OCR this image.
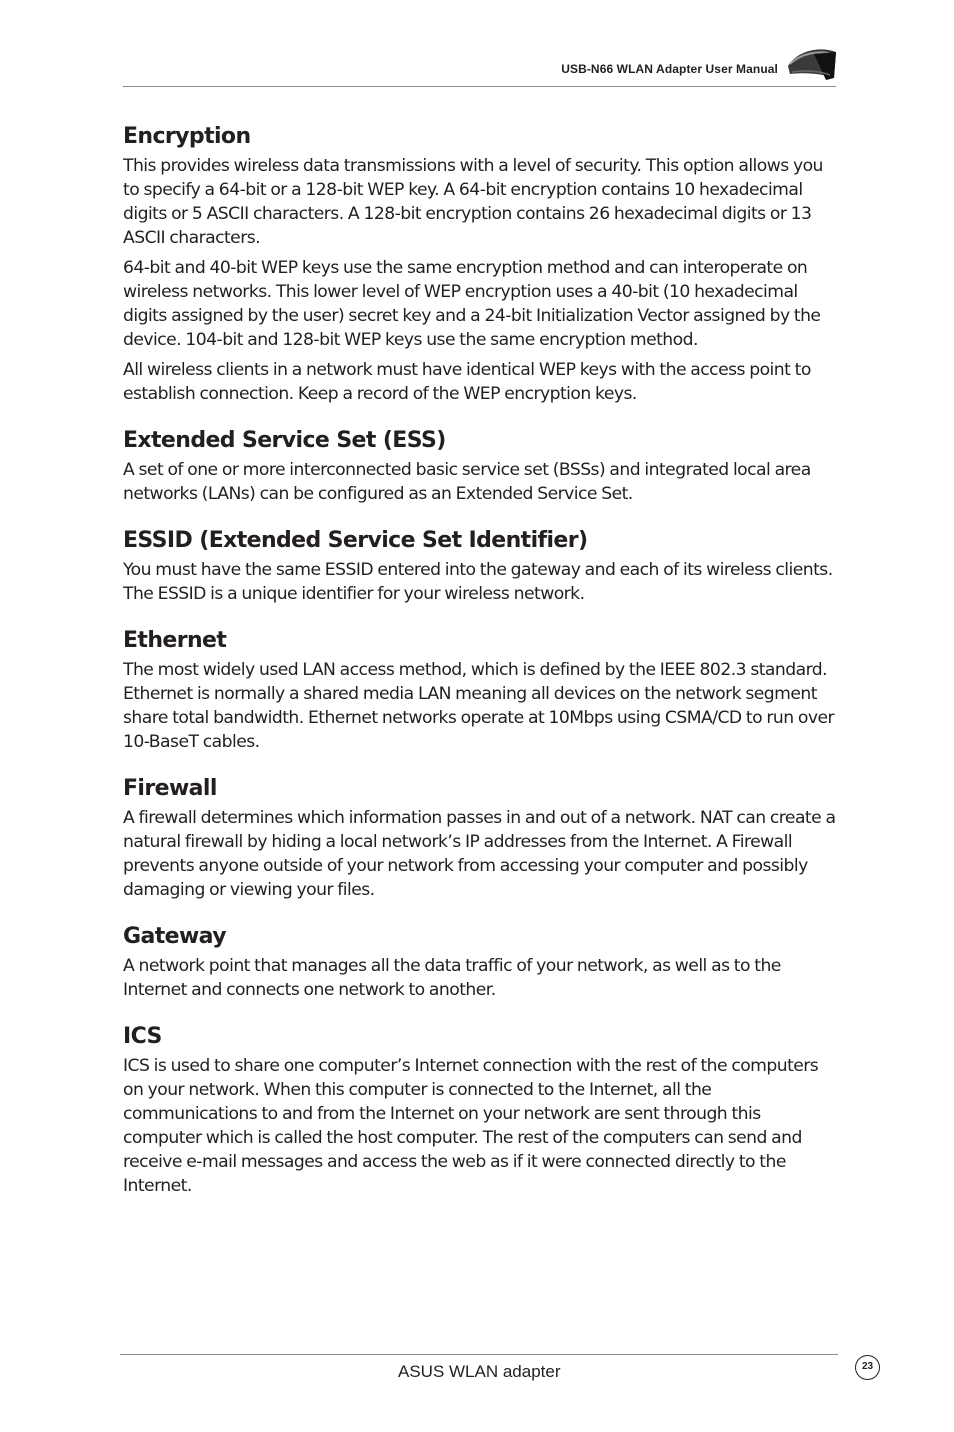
USB-N66 WLAN Adapter User Manual
Encryption

This provides wireless data transmissions with a level of security. This option allows you to specify a 64-bit or a 128-bit WEP key. A 64-bit encryption contains 10 hexadecimal digits or 5 ASCII characters. A 128-bit encryption contains 26 hexadecimal digits or 13 ASCII characters.

64-bit and 40-bit WEP keys use the same encryption method and can interoperate on wireless networks. This lower level of WEP encryption uses a 40-bit (10 hexadecimal digits assigned by the user) secret key and a 24-bit Initialization Vector assigned by the device. 104-bit and 128-bit WEP keys use the same encryption method.

All wireless clients in a network must have identical WEP keys with the access point to establish connection. Keep a record of the WEP encryption keys.

Extended Service Set (ESS)

A set of one or more interconnected basic service set (BSSs) and integrated local area networks (LANs) can be configured as an Extended Service Set.

ESSID (Extended Service Set Identifier)

You must have the same ESSID entered into the gateway and each of its wireless clients. The ESSID is a unique identifier for your wireless network.

Ethernet

The most widely used LAN access method, which is defined by the IEEE 802.3 standard. Ethernet is normally a shared media LAN meaning all devices on the network segment share total bandwidth. Ethernet networks operate at 10Mbps using CSMA/CD to run over 10-BaseT cables.

Firewall

A firewall determines which information passes in and out of a network. NAT can create a natural firewall by hiding a local network’s IP addresses from the Internet. A Firewall prevents anyone outside of your network from accessing your computer and possibly damaging or viewing your files.

Gateway

A network point that manages all the data traffic of your network, as well as to the Internet and connects one network to another.

ICS

ICS is used to share one computer’s Internet connection with the rest of the computers on your network. When this computer is connected to the Internet, all the communications to and from the Internet on your network are sent through this computer which is called the host computer. The rest of the computers can send and receive e-mail messages and access the web as if it were connected directly to the Internet.

ASUS WLAN adapter	23
